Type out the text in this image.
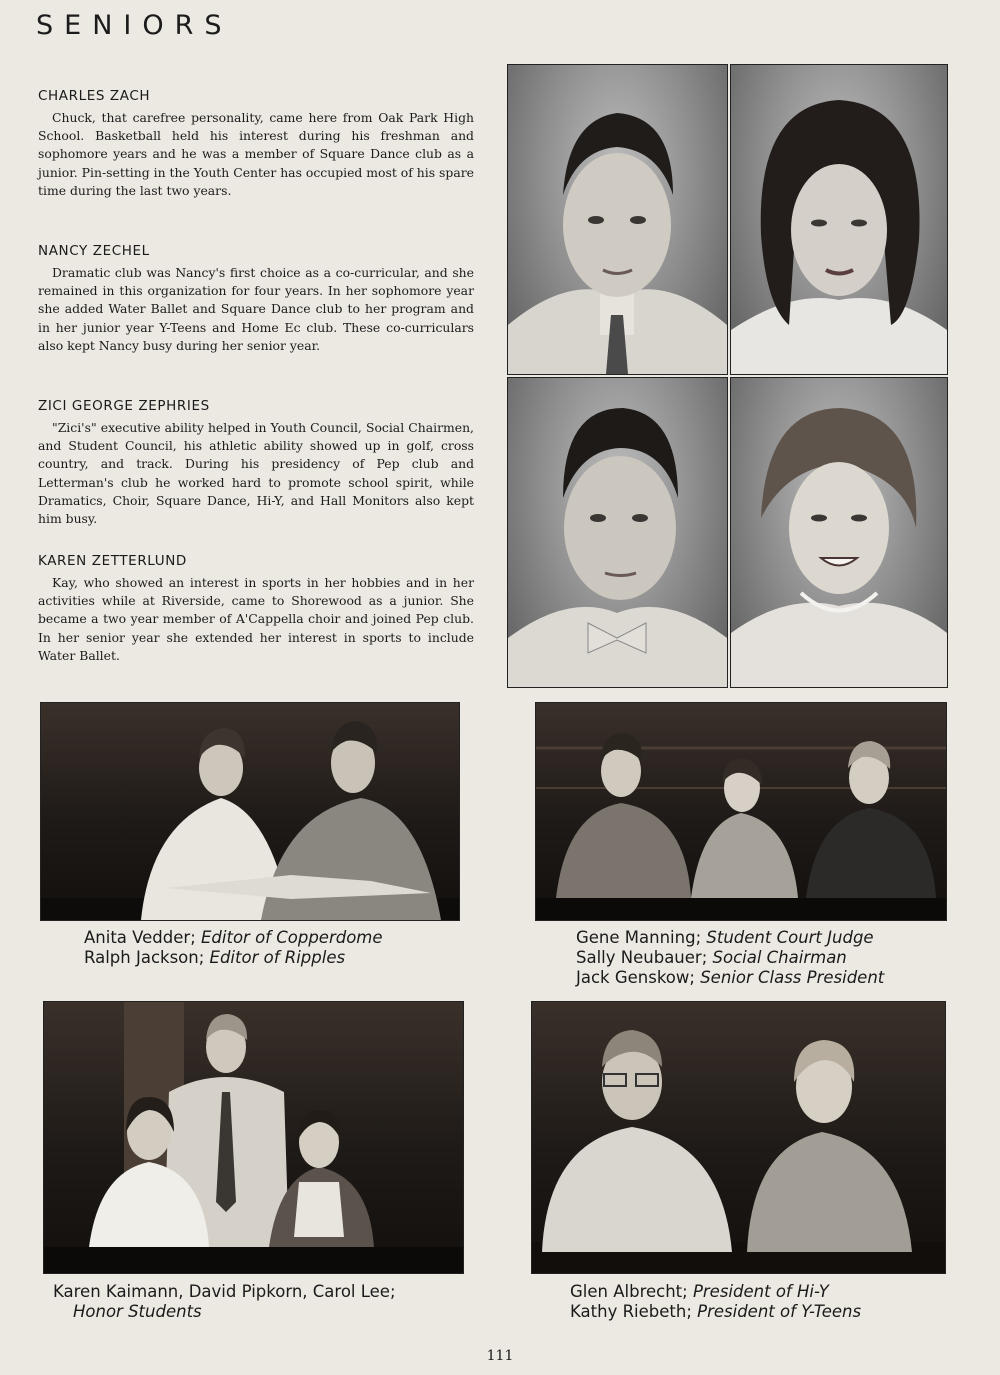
SENIORS
CHARLES ZACH
Chuck, that carefree personality, came here from Oak Park High School. Basketball held his interest during his freshman and sophomore years and he was a member of Square Dance club as a junior. Pin-setting in the Youth Center has occupied most of his spare time during the last two years.
NANCY ZECHEL
Dramatic club was Nancy's first choice as a co-curricular, and she remained in this organization for four years. In her sophomore year she added Water Ballet and Square Dance club to her program and in her junior year Y-Teens and Home Ec club. These co-curriculars also kept Nancy busy during her senior year.
ZICI GEORGE ZEPHRIES
"Zici's" executive ability helped in Youth Council, Social Chairmen, and Student Council, his athletic ability showed up in golf, cross country, and track. During his presidency of Pep club and Letterman's club he worked hard to promote school spirit, while Dramatics, Choir, Square Dance, Hi-Y, and Hall Monitors also kept him busy.
KAREN ZETTERLUND
Kay, who showed an interest in sports in her hobbies and in her activities while at Riverside, came to Shorewood as a junior. She became a two year member of A'Cappella choir and joined Pep club. In her senior year she extended her interest in sports to include Water Ballet.
Anita Vedder; Editor of Copperdome
Ralph Jackson; Editor of Ripples
Gene Manning; Student Court Judge
Sally Neubauer; Social Chairman
Jack Genskow; Senior Class President
Karen Kaimann, David Pipkorn, Carol Lee;
Honor Students
Glen Albrecht; President of Hi-Y
Kathy Riebeth; President of Y-Teens
111
